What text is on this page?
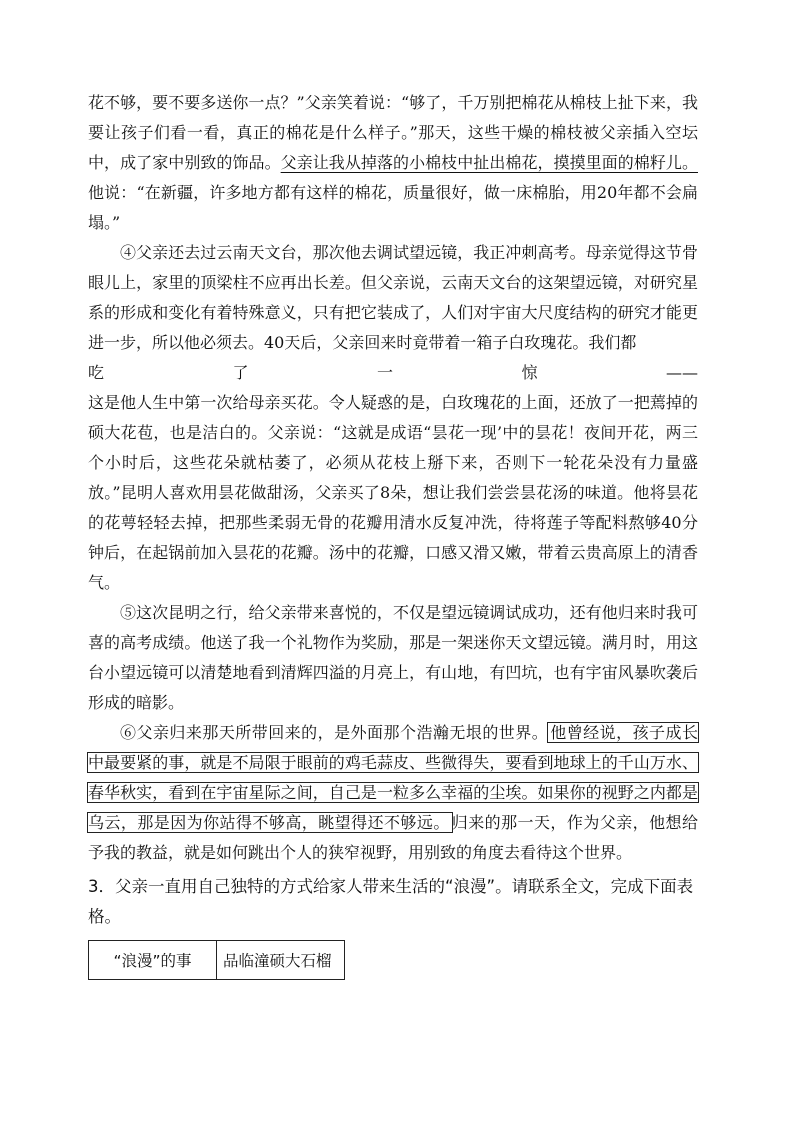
花不够，要不要多送你一点？”父亲笑着说：“够了，千万别把棉花从棉枝上扯下来，我要让孩子们看一看，真正的棉花是什么样子。”那天，这些干燥的棉枝被父亲插入空坛中，成了家中别致的饰品。父亲让我从掉落的小棉枝中扯出棉花，摸摸里面的棉籽儿。他说：“在新疆，许多地方都有这样的棉花，质量很好，做一床棉胎，用20年都不会扁塌。”

④父亲还去过云南天文台，那次他去调试望远镜，我正冲刺高考。母亲觉得这节骨眼儿上，家里的顶梁柱不应再出长差。但父亲说，云南天文台的这架望远镜，对研究星系的形成和变化有着特殊意义，只有把它装成了，人们对宇宙大尺度结构的研究才能更进一步，所以他必须去。40天后，父亲回来时竟带着一箱子白玫瑰花。我们都

吃	了	一	惊	——

这是他人生中第一次给母亲买花。令人疑惑的是，白玫瑰花的上面，还放了一把蔫掉的硕大花苞，也是洁白的。父亲说：“这就是成语“昙花一现’中的昙花！夜间开花，两三个小时后，这些花朵就枯萎了，必须从花枝上掰下来，否则下一轮花朵没有力量盛放。”昆明人喜欢用昙花做甜汤，父亲买了8朵，想让我们尝尝昙花汤的味道。他将昙花的花萼轻轻去掉，把那些柔弱无骨的花瓣用清水反复冲洗，待将莲子等配料熬够40分钟后，在起锅前加入昙花的花瓣。汤中的花瓣，口感又滑又嫩，带着云贵高原上的清香气。

⑤这次昆明之行，给父亲带来喜悦的，不仅是望远镜调试成功，还有他归来时我可喜的高考成绩。他送了我一个礼物作为奖励，那是一架迷你天文望远镜。满月时，用这台小望远镜可以清楚地看到清辉四溢的月亮上，有山地，有凹坑，也有宇宙风暴吹袭后形成的暗影。

⑥父亲归来那天所带回来的，是外面那个浩瀚无垠的世界。 他曾经说，孩子成长中最要紧的事，就是不局限于眼前的鸡毛蒜皮、些微得失，要看到地球上的千山万水、春华秋实，看到在宇宙星际之间，自己是一粒多么幸福的尘埃。如果你的视野之内都是乌云，那是因为你站得不够高，眺望得还不够远。 归来的那一天，作为父亲，他想给予我的教益，就是如何跳出个人的狭窄视野，用别致的角度去看待这个世界。

3．父亲一直用自己独特的方式给家人带来生活的“浪漫”。请联系全文，完成下面表格。

“浪漫”的事	品临潼硕大石榴
